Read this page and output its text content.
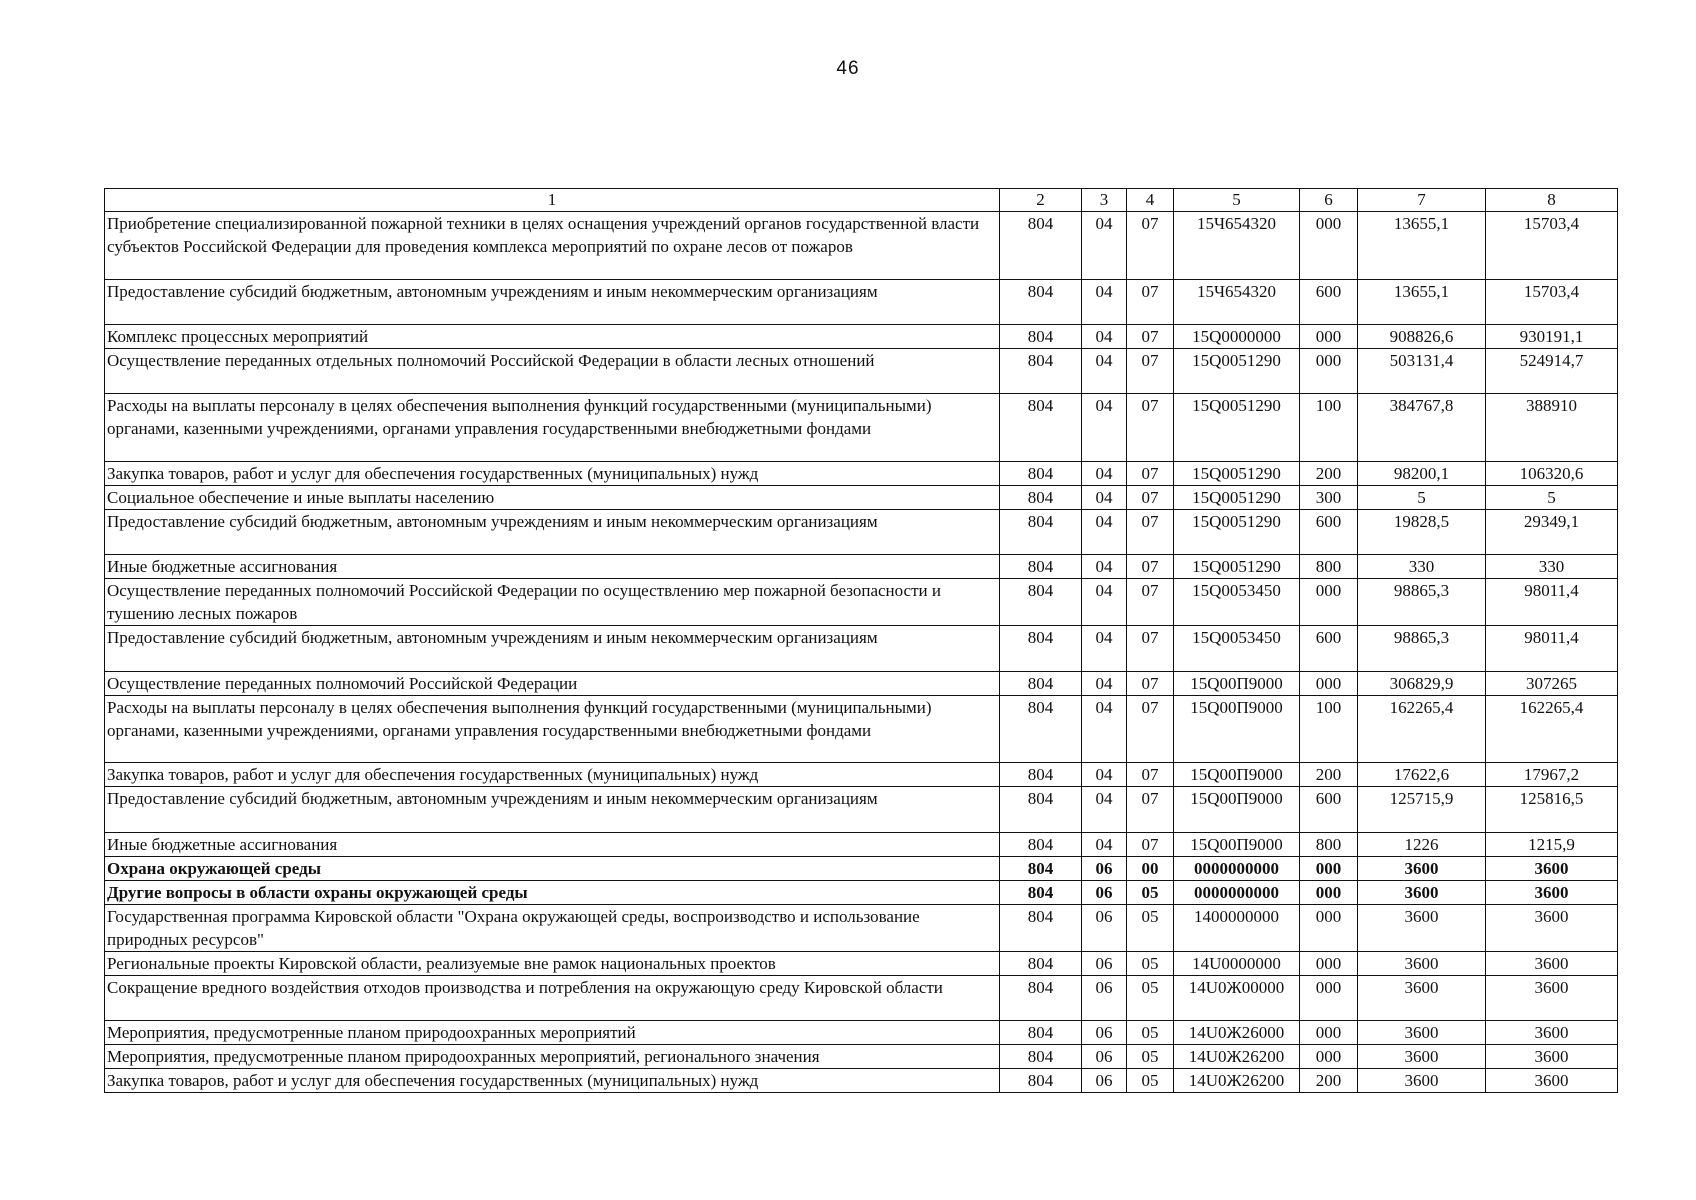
46
1	2	3	4	5	6	7	8
Приобретение специализированной пожарной техники в целях оснащения учреждений органов государственной власти субъектов Российской Федерации для проведения комплекса мероприятий по охране лесов от пожаров	804	04	07	15Ч654320	000	13655,1	15703,4
Предоставление субсидий бюджетным, автономным учреждениям и иным некоммерческим организациям	804	04	07	15Ч654320	600	13655,1	15703,4
Комплекс процессных мероприятий	804	04	07	15Q0000000	000	908826,6	930191,1
Осуществление переданных отдельных полномочий Российской Федерации в области лесных отношений	804	04	07	15Q0051290	000	503131,4	524914,7
Расходы на выплаты персоналу в целях обеспечения выполнения функций государственными (муниципальными) органами, казенными учреждениями, органами управления государственными внебюджетными фондами	804	04	07	15Q0051290	100	384767,8	388910
Закупка товаров, работ и услуг для обеспечения государственных (муниципальных) нужд	804	04	07	15Q0051290	200	98200,1	106320,6
Социальное обеспечение и иные выплаты населению	804	04	07	15Q0051290	300	5	5
Предоставление субсидий бюджетным, автономным учреждениям и иным некоммерческим организациям	804	04	07	15Q0051290	600	19828,5	29349,1
Иные бюджетные ассигнования	804	04	07	15Q0051290	800	330	330
Осуществление переданных полномочий Российской Федерации по осуществлению мер пожарной безопасности и тушению лесных пожаров	804	04	07	15Q0053450	000	98865,3	98011,4
Предоставление субсидий бюджетным, автономным учреждениям и иным некоммерческим организациям	804	04	07	15Q0053450	600	98865,3	98011,4
Осуществление переданных полномочий Российской Федерации	804	04	07	15Q00П9000	000	306829,9	307265
Расходы на выплаты персоналу в целях обеспечения выполнения функций государственными (муниципальными) органами, казенными учреждениями, органами управления государственными внебюджетными фондами	804	04	07	15Q00П9000	100	162265,4	162265,4
Закупка товаров, работ и услуг для обеспечения государственных (муниципальных) нужд	804	04	07	15Q00П9000	200	17622,6	17967,2
Предоставление субсидий бюджетным, автономным учреждениям и иным некоммерческим организациям	804	04	07	15Q00П9000	600	125715,9	125816,5
Иные бюджетные ассигнования	804	04	07	15Q00П9000	800	1226	1215,9
Охрана окружающей среды	804	06	00	0000000000	000	3600	3600
Другие вопросы в области охраны окружающей среды	804	06	05	0000000000	000	3600	3600
Государственная программа Кировской области "Охрана окружающей среды, воспроизводство и использование природных ресурсов"	804	06	05	1400000000	000	3600	3600
Региональные проекты Кировской области, реализуемые вне рамок национальных проектов	804	06	05	14U0000000	000	3600	3600
Сокращение вредного воздействия отходов производства и потребления на окружающую среду Кировской области	804	06	05	14U0Ж00000	000	3600	3600
Мероприятия, предусмотренные планом природоохранных мероприятий	804	06	05	14U0Ж26000	000	3600	3600
Мероприятия, предусмотренные планом природоохранных мероприятий, регионального значения	804	06	05	14U0Ж26200	000	3600	3600
Закупка товаров, работ и услуг для обеспечения государственных (муниципальных) нужд	804	06	05	14U0Ж26200	200	3600	3600
